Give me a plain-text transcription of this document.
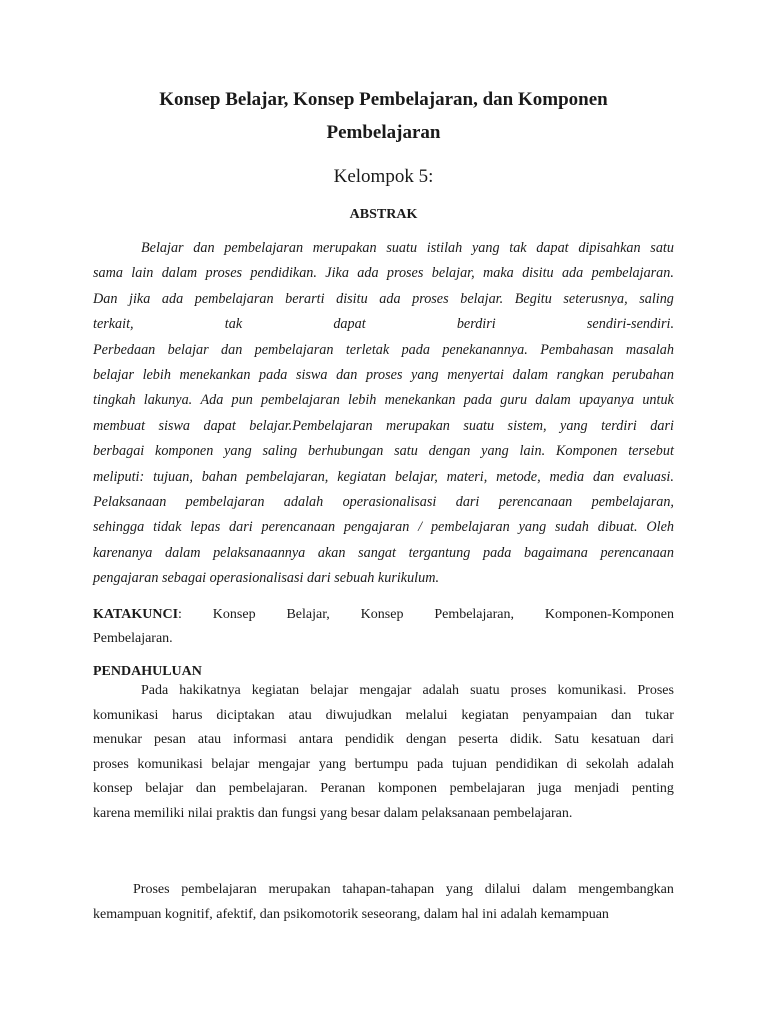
Konsep Belajar, Konsep Pembelajaran, dan Komponen
Pembelajaran
Kelompok 5:
ABSTRAK
Belajar dan pembelajaran merupakan suatu istilah yang tak dapat dipisahkan satu
sama lain dalam proses pendidikan. Jika ada proses belajar, maka disitu ada pembelajaran.
Dan jika ada pembelajaran berarti disitu ada proses belajar. Begitu seterusnya, saling
terkait,	tak	dapat	berdiri	sendiri-sendiri.
Perbedaan belajar dan pembelajaran terletak pada penekanannya. Pembahasan masalah
belajar lebih menekankan pada siswa dan proses yang menyertai dalam rangkan perubahan
tingkah lakunya. Ada pun pembelajaran lebih menekankan pada guru dalam upayanya untuk
membuat siswa dapat belajar.Pembelajaran merupakan suatu sistem, yang terdiri dari
berbagai komponen yang saling berhubungan satu dengan yang lain. Komponen tersebut
meliputi: tujuan, bahan pembelajaran, kegiatan belajar, materi, metode, media dan evaluasi.
Pelaksanaan pembelajaran adalah operasionalisasi dari perencanaan pembelajaran,
sehingga tidak lepas dari perencanaan pengajaran / pembelajaran yang sudah dibuat. Oleh
karenanya dalam pelaksanaannya akan sangat tergantung pada bagaimana perencanaan
pengajaran sebagai operasionalisasi dari sebuah kurikulum.
KATAKUNCI: Konsep Belajar, Konsep Pembelajaran, Komponen-Komponen
Pembelajaran.
PENDAHULUAN
Pada hakikatnya kegiatan belajar mengajar adalah suatu proses komunikasi. Proses
komunikasi harus diciptakan atau diwujudkan melalui kegiatan penyampaian dan tukar
menukar pesan atau informasi antara pendidik dengan peserta didik. Satu kesatuan dari
proses komunikasi belajar mengajar yang bertumpu pada tujuan pendidikan di sekolah adalah
konsep belajar dan pembelajaran. Peranan komponen pembelajaran juga menjadi penting
karena memiliki nilai praktis dan fungsi yang besar dalam pelaksanaan pembelajaran.
Proses pembelajaran merupakan tahapan-tahapan yang dilalui dalam mengembangkan
kemampuan kognitif, afektif, dan psikomotorik seseorang, dalam hal ini adalah kemampuan
